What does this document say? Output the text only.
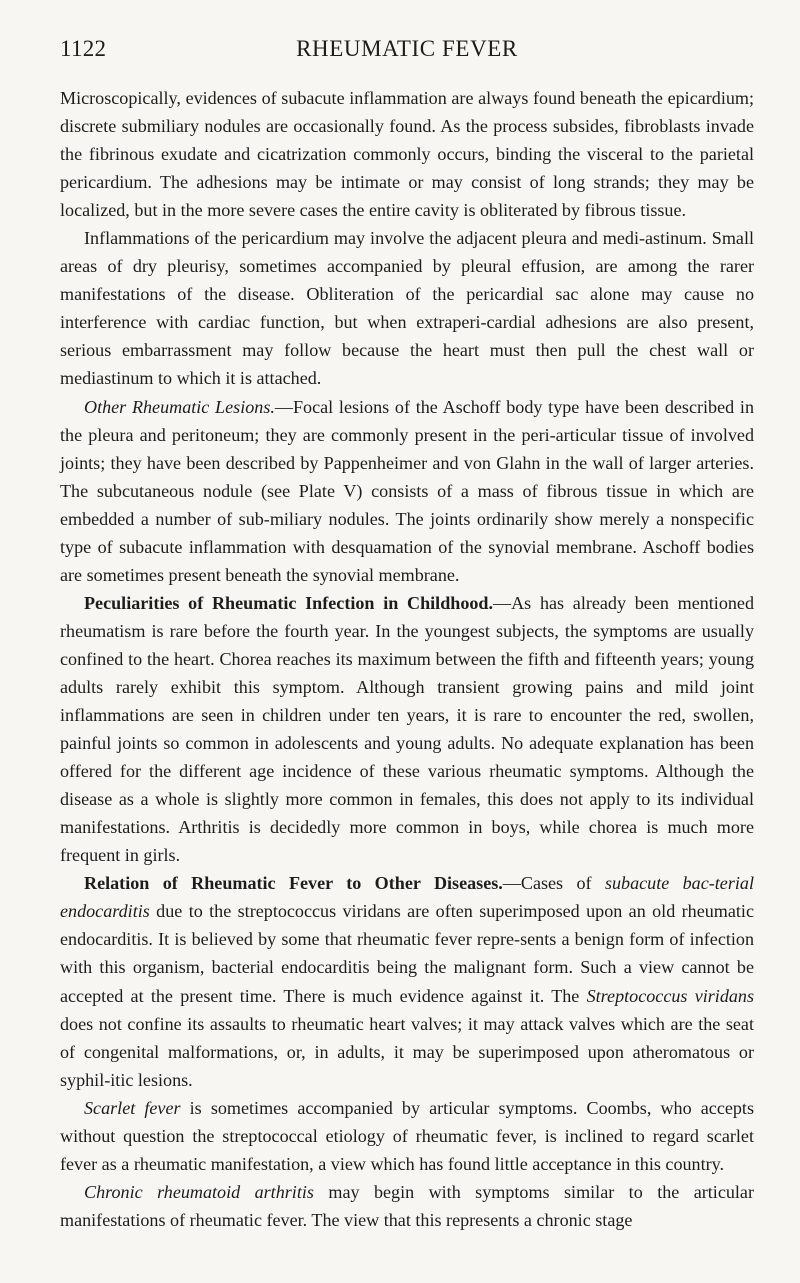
1122	RHEUMATIC FEVER

Microscopically, evidences of subacute inflammation are always found beneath the epicardium; discrete submiliary nodules are occasionally found. As the process subsides, fibroblasts invade the fibrinous exudate and cicatrization commonly occurs, binding the visceral to the parietal pericardium. The adhesions may be intimate or may consist of long strands; they may be localized, but in the more severe cases the entire cavity is obliterated by fibrous tissue.

Inflammations of the pericardium may involve the adjacent pleura and medi-astinum. Small areas of dry pleurisy, sometimes accompanied by pleural effusion, are among the rarer manifestations of the disease. Obliteration of the pericardial sac alone may cause no interference with cardiac function, but when extraperi-cardial adhesions are also present, serious embarrassment may follow because the heart must then pull the chest wall or mediastinum to which it is attached.

Other Rheumatic Lesions.—Focal lesions of the Aschoff body type have been described in the pleura and peritoneum; they are commonly present in the peri-articular tissue of involved joints; they have been described by Pappenheimer and von Glahn in the wall of larger arteries. The subcutaneous nodule (see Plate V) consists of a mass of fibrous tissue in which are embedded a number of sub-miliary nodules. The joints ordinarily show merely a nonspecific type of subacute inflammation with desquamation of the synovial membrane. Aschoff bodies are sometimes present beneath the synovial membrane.

Peculiarities of Rheumatic Infection in Childhood.—As has already been mentioned rheumatism is rare before the fourth year. In the youngest subjects, the symptoms are usually confined to the heart. Chorea reaches its maximum between the fifth and fifteenth years; young adults rarely exhibit this symptom. Although transient growing pains and mild joint inflammations are seen in children under ten years, it is rare to encounter the red, swollen, painful joints so common in adolescents and young adults. No adequate explanation has been offered for the different age incidence of these various rheumatic symptoms. Although the disease as a whole is slightly more common in females, this does not apply to its individual manifestations. Arthritis is decidedly more common in boys, while chorea is much more frequent in girls.

Relation of Rheumatic Fever to Other Diseases.—Cases of subacute bac-terial endocarditis due to the streptococcus viridans are often superimposed upon an old rheumatic endocarditis. It is believed by some that rheumatic fever repre-sents a benign form of infection with this organism, bacterial endocarditis being the malignant form. Such a view cannot be accepted at the present time. There is much evidence against it. The Streptococcus viridans does not confine its assaults to rheumatic heart valves; it may attack valves which are the seat of congenital malformations, or, in adults, it may be superimposed upon atheromatous or syphil-itic lesions.

Scarlet fever is sometimes accompanied by articular symptoms. Coombs, who accepts without question the streptococcal etiology of rheumatic fever, is inclined to regard scarlet fever as a rheumatic manifestation, a view which has found little acceptance in this country.

Chronic rheumatoid arthritis may begin with symptoms similar to the articular manifestations of rheumatic fever. The view that this represents a chronic stage
